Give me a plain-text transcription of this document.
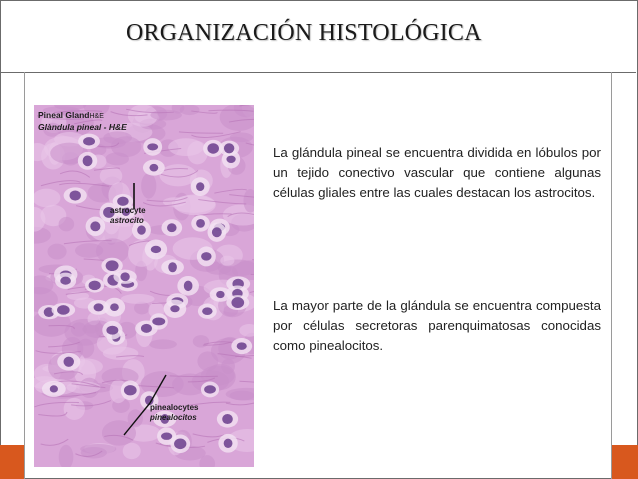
ORGANIZACIÓN HISTOLÓGICA
Pineal GlandH&E
Glàndula pineal - H&E
astrocyte
astrocito
pinealocytes
pinealocitos
La glándula pineal se encuentra dividida en lóbulos por un tejido conectivo vascular que contiene algunas células gliales entre las cuales destacan los astrocitos.
La mayor parte de la glándula se encuentra compuesta por células secretoras parenquimatosas conocidas como pinealocitos.
